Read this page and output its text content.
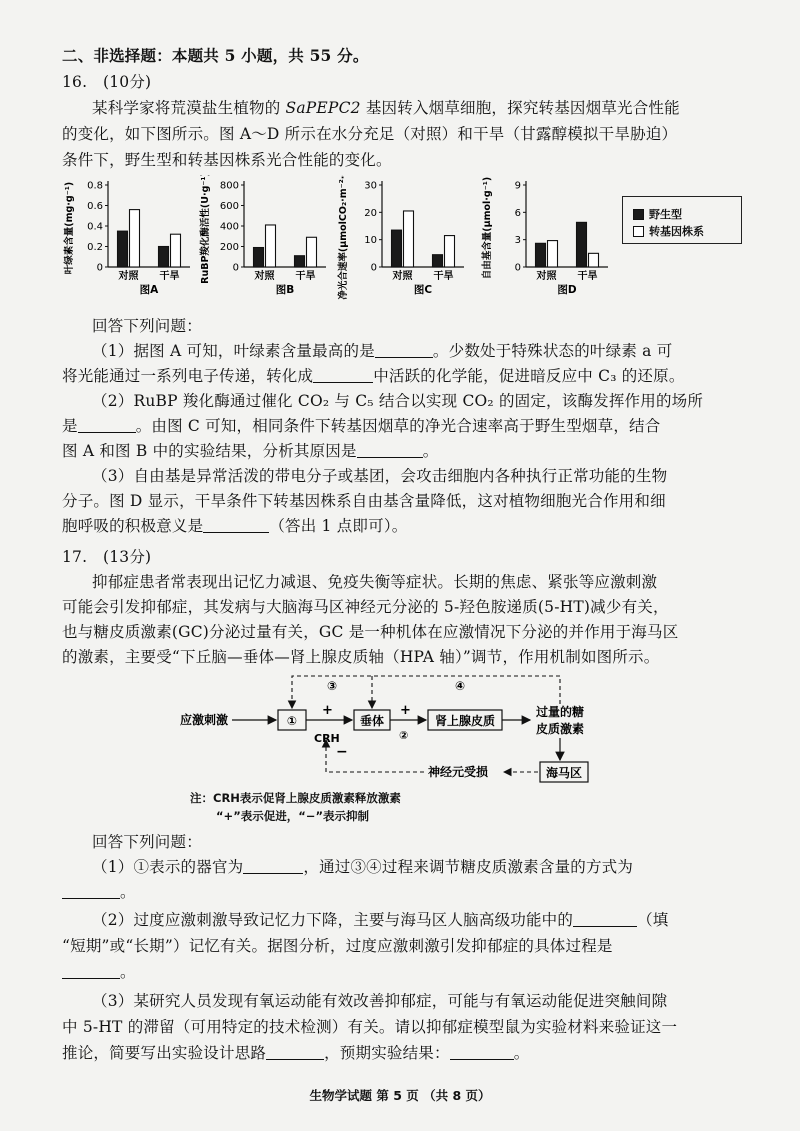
二、非选择题：本题共 5 小题，共 55 分。
16.　(10分)
某科学家将荒漠盐生植物的 SaPEPC2 基因转入烟草细胞，探究转基因烟草光合性能
的变化，如下图所示。图 A～D 所示在水分充足（对照）和干旱（甘露醇模拟干旱胁迫）
条件下，野生型和转基因株系光合性能的变化。
叶绿素含量(mg·g⁻¹) 0
0.2
0.4
0.6
0.8
对照 干旱
图A
RuBP羧化酶活性(U·g⁻¹) 0
200
400
600
800
对照 干旱
图B	净光合速率(μmolCO₂·m⁻²·s⁻¹) 0
10
20
30
对照 干旱
图C
自由基含量(μmol·g⁻¹) 0
3
6
9
对照 干旱
图D
野生型
转基因株系
回答下列问题：
（1）据图 A 可知，叶绿素含量最高的是	。少数处于特殊状态的叶绿素 a 可
将光能通过一系列电子传递，转化成	中活跃的化学能，促进暗反应中 C₃ 的还原。
（2）RuBP 羧化酶通过催化 CO₂ 与 C₅ 结合以实现 CO₂ 的固定，该酶发挥作用的场所
是	。由图 C 可知，相同条件下转基因烟草的净光合速率高于野生型烟草，结合
图 A 和图 B 中的实验结果，分析其原因是	。
（3）自由基是异常活泼的带电分子或基团，会攻击细胞内各种执行正常功能的生物
分子。图 D 显示，干旱条件下转基因株系自由基含量降低，这对植物细胞光合作用和细
胞呼吸的积极意义是	（答出 1 点即可）。
17.　(13分)
抑郁症患者常表现出记忆力减退、免疫失衡等症状。长期的焦虑、紧张等应激刺激
可能会引发抑郁症，其发病与大脑海马区神经元分泌的 5-羟色胺递质(5-HT)减少有关，
也与糖皮质激素(GC)分泌过量有关，GC 是一种机体在应激情况下分泌的并作用于海马区
的激素，主要受“下丘脑—垂体—肾上腺皮质轴（HPA 轴）”调节，作用机制如图所示。
应激刺激	①
+
CRH
垂体
+
②
肾上腺皮质
过量的糖
皮质激素
③	④
海马区
神经元受损
−
注：CRH表示促肾上腺皮质激素释放激素
“+”表示促进，“−”表示抑制
回答下列问题：
（1）①表示的器官为	，通过③④过程来调节糖皮质激素含量的方式为
。
（2）过度应激刺激导致记忆力下降，主要与海马区人脑高级功能中的	（填
“短期”或“长期”）记忆有关。据图分析，过度应激刺激引发抑郁症的具体过程是
。
（3）某研究人员发现有氧运动能有效改善抑郁症，可能与有氧运动能促进突触间隙
中 5-HT 的滞留（可用特定的技术检测）有关。请以抑郁症模型鼠为实验材料来验证这一
推论，简要写出实验设计思路	，预期实验结果：	。
生物学试题 第 5 页 （共 8 页）
